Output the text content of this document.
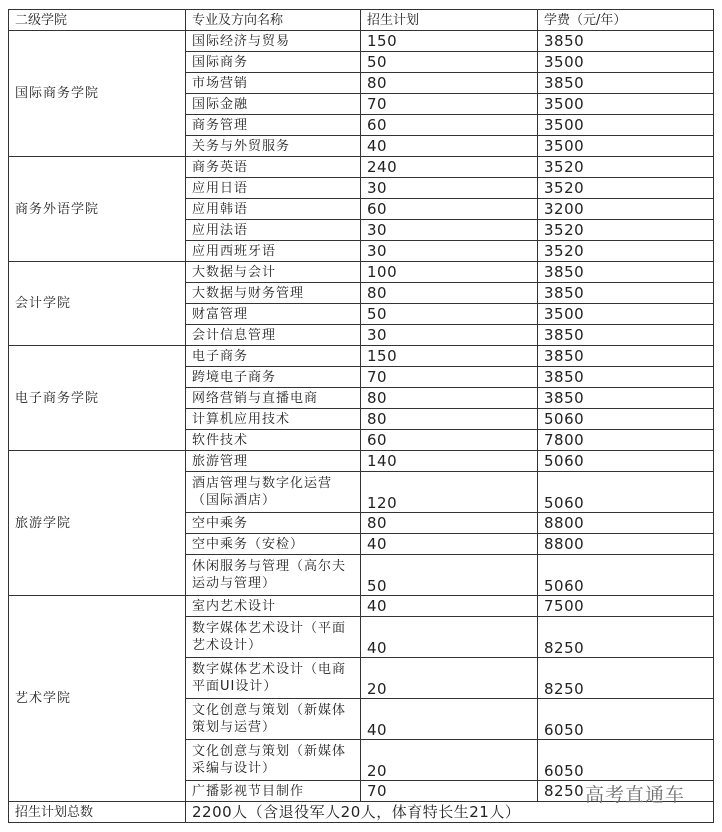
二级学院	专业及方向名称	招生计划	学费（元/年）
国际商务学院	国际经济与贸易	150	3850
	国际商务	50	3500
	市场营销	80	3850
	国际金融	70	3500
	商务管理	60	3500
	关务与外贸服务	40	3500
商务外语学院	商务英语	240	3520
	应用日语	30	3520
	应用韩语	60	3200
	应用法语	30	3520
	应用西班牙语	30	3520
会计学院	大数据与会计	100	3850
	大数据与财务管理	80	3850
	财富管理	50	3500
	会计信息管理	30	3850
电子商务学院	电子商务	150	3850
	跨境电子商务	70	3850
	网络营销与直播电商	80	3850
	计算机应用技术	80	5060
	软件技术	60	7800
旅游学院	旅游管理	140	5060
	酒店管理与数字化运营（国际酒店）	120	5060
	空中乘务	80	8800
	空中乘务（安检）	40	8800
	休闲服务与管理（高尔夫运动与管理）	50	5060
艺术学院	室内艺术设计	40	7500
	数字媒体艺术设计（平面艺术设计）	40	8250
	数字媒体艺术设计（电商平面UI设计）	20	8250
	文化创意与策划（新媒体策划与运营）	40	6050
	文化创意与策划（新媒体采编与设计）	20	6050
	广播影视节目制作	70	8250
招生计划总数	2200人（含退役军人20人，体育特长生21人）		
高考直通车
